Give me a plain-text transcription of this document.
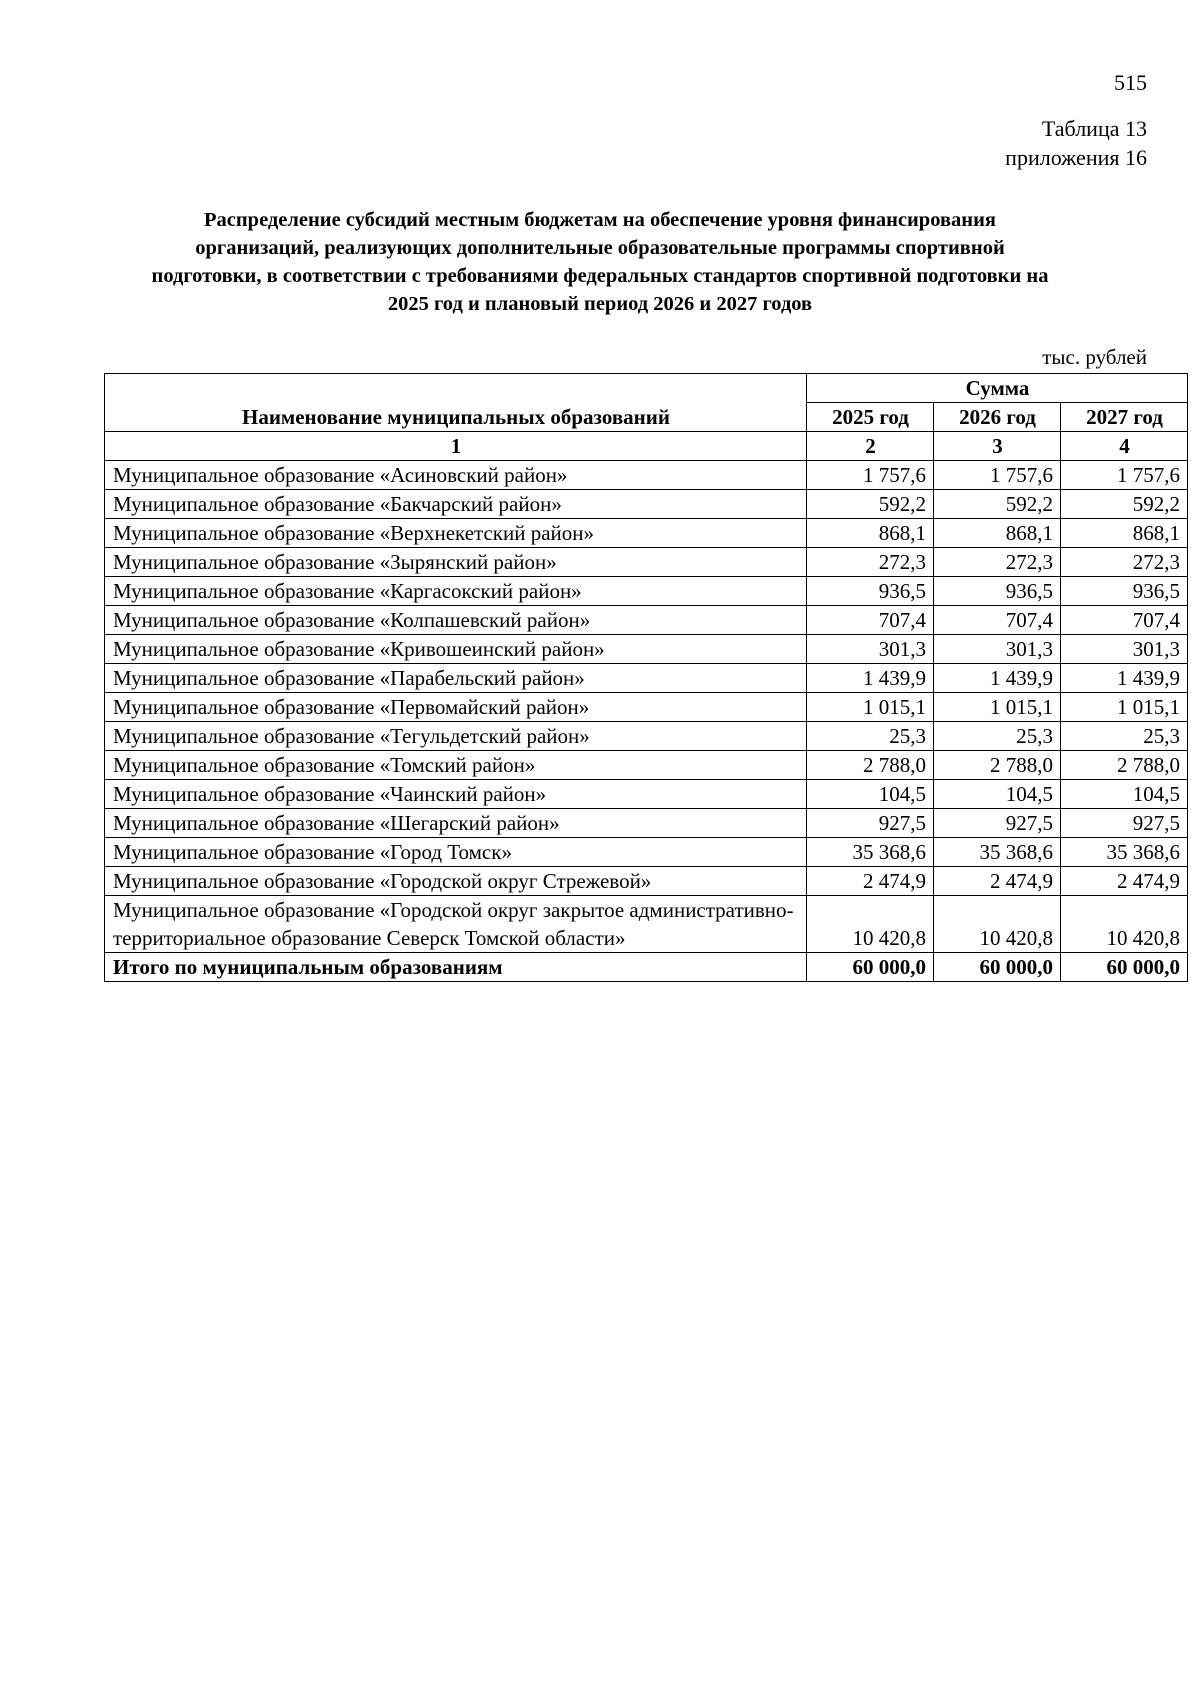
515
Таблица 13
приложения 16
Распределение субсидий местным бюджетам на обеспечение уровня финансирования организаций, реализующих дополнительные образовательные программы спортивной подготовки, в соответствии с требованиями федеральных стандартов спортивной подготовки на 2025 год и плановый период 2026 и 2027 годов
тыс. рублей
Наименование муниципальных образований	Сумма		
	2025 год	2026 год	2027 год
1	2	3	4
Муниципальное образование «Асиновский район»	1 757,6	1 757,6	1 757,6
Муниципальное образование «Бакчарский район»	592,2	592,2	592,2
Муниципальное образование «Верхнекетский район»	868,1	868,1	868,1
Муниципальное образование «Зырянский район»	272,3	272,3	272,3
Муниципальное образование «Каргасокский район»	936,5	936,5	936,5
Муниципальное образование «Колпашевский район»	707,4	707,4	707,4
Муниципальное образование «Кривошеинский район»	301,3	301,3	301,3
Муниципальное образование «Парабельский район»	1 439,9	1 439,9	1 439,9
Муниципальное образование «Первомайский район»	1 015,1	1 015,1	1 015,1
Муниципальное образование «Тегульдетский район»	25,3	25,3	25,3
Муниципальное образование «Томский район»	2 788,0	2 788,0	2 788,0
Муниципальное образование «Чаинский район»	104,5	104,5	104,5
Муниципальное образование «Шегарский район»	927,5	927,5	927,5
Муниципальное образование «Город Томск»	35 368,6	35 368,6	35 368,6
Муниципальное образование «Городской округ Стрежевой»	2 474,9	2 474,9	2 474,9
Муниципальное образование «Городской округ закрытое административно-территориальное образование Северск Томской области»	10 420,8	10 420,8	10 420,8
Итого по муниципальным образованиям	60 000,0	60 000,0	60 000,0
